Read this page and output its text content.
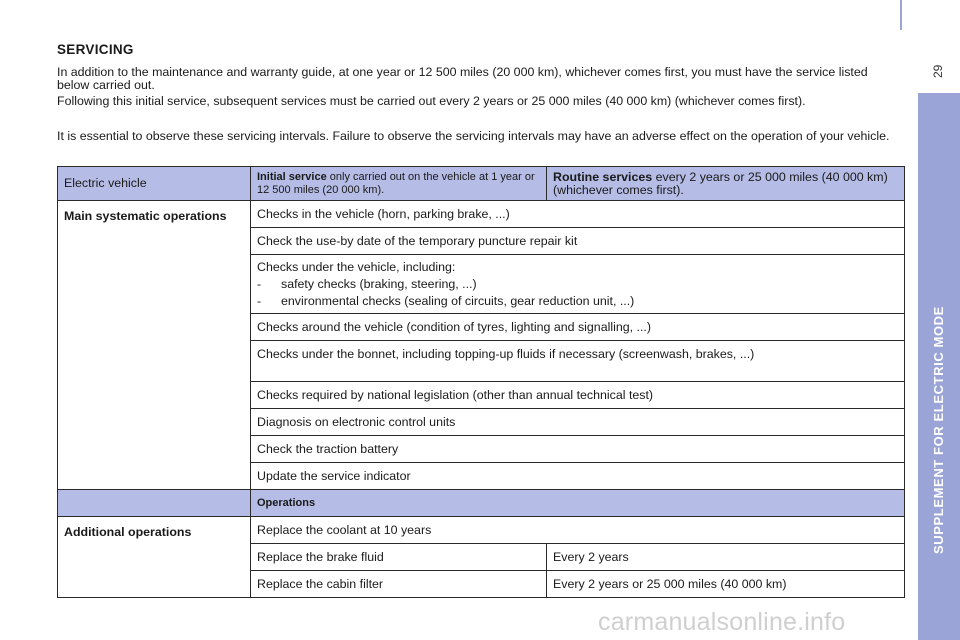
SERVICING

In addition to the maintenance and warranty guide, at one year or 12 500 miles (20 000 km), whichever comes first, you must have the service listed below carried out.

Following this initial service, subsequent services must be carried out every 2 years or 25 000 miles (40 000 km) (whichever comes first).

It is essential to observe these servicing intervals. Failure to observe the servicing intervals may have an adverse effect on the operation of your vehicle.

Electric vehicle	Initial service only carried out on the vehicle at 1 year or 12 500 miles (20 000 km).	Routine services every 2 years or 25 000 miles (40 000 km) (whichever comes first).
Main systematic operations	Checks in the vehicle (horn, parking brake, ...)	
	Check the use-by date of the temporary puncture repair kit	

	Checks under the vehicle, including:
- safety checks (braking, steering, ...)
- environmental checks (sealing of circuits, gear reduction unit, ...)	

	Checks around the vehicle (condition of tyres, lighting and signalling, ...)	
	Checks under the bonnet, including topping-up fluids if necessary (screenwash, brakes, ...)	
	Checks required by national legislation (other than annual technical test)	
	Diagnosis on electronic control units	
	Check the traction battery	
	Update the service indicator	
	Operations	
Additional operations	Replace the coolant at 10 years	
	Replace the brake fluid	Every 2 years
	Replace the cabin filter	Every 2 years or 25 000 miles (40 000 km)
SUPPLEMENT FOR ELECTRIC MODE
29
carmanualsonline.info
